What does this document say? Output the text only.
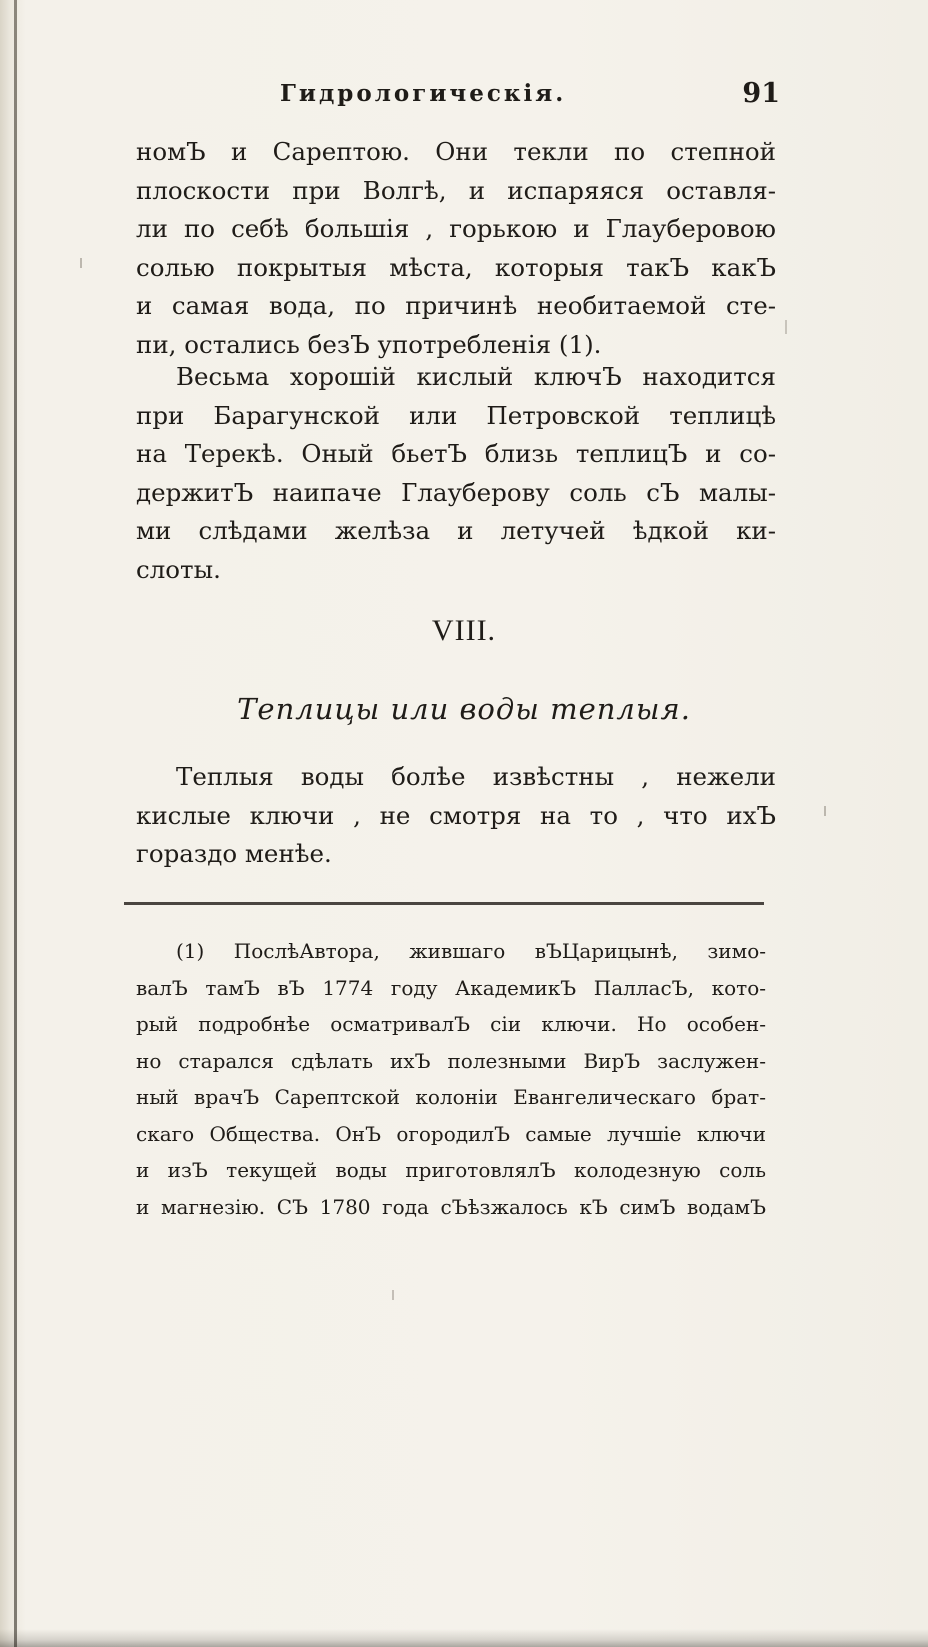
Гидрологическія.	91
номЪ и Сарептою. Они текли по степной
плоскости при Волгѣ, и испаряяся оставля-
ли по себѣ большія , горькою и Глауберовою
солью покрытыя мѣста, которыя такЪ какЪ
и самая вода, по причинѣ необитаемой сте-
пи, остались безЪ употребленія (1).
Весьма хорошій кислый ключЪ находится
при Барагунской или Петровской теплицѣ
на Терекѣ. Оный бьетЪ близь теплицЪ и со-
держитЪ наипаче Глауберову соль сЪ малы-
ми слѣдами желѣза и летучей ѣдкой ки-
слоты.
VIII.
Теплицы или воды теплыя.
Теплыя воды болѣе извѣстны , нежели
кислые ключи , не смотря на то , что ихЪ
гораздо менѣе.
(1) ПослѣАвтора, жившаго вЪЦарицынѣ, зимо-
валЪ тамЪ вЪ 1774 году АкадемикЪ ПалласЪ, кото-
рый подробнѣе осматривалЪ сіи ключи. Но особен-
но старался сдѣлать ихЪ полезными ВирЪ заслужен-
ный врачЪ Сарептской колоніи Евангелическаго брат-
скаго Общества. ОнЪ огородилЪ самые лучшіе ключи
и изЪ текущей воды приготовлялЪ колодезную соль
и магнезію. СЪ 1780 года сЪѣзжалось кЪ симЪ водамЪ
